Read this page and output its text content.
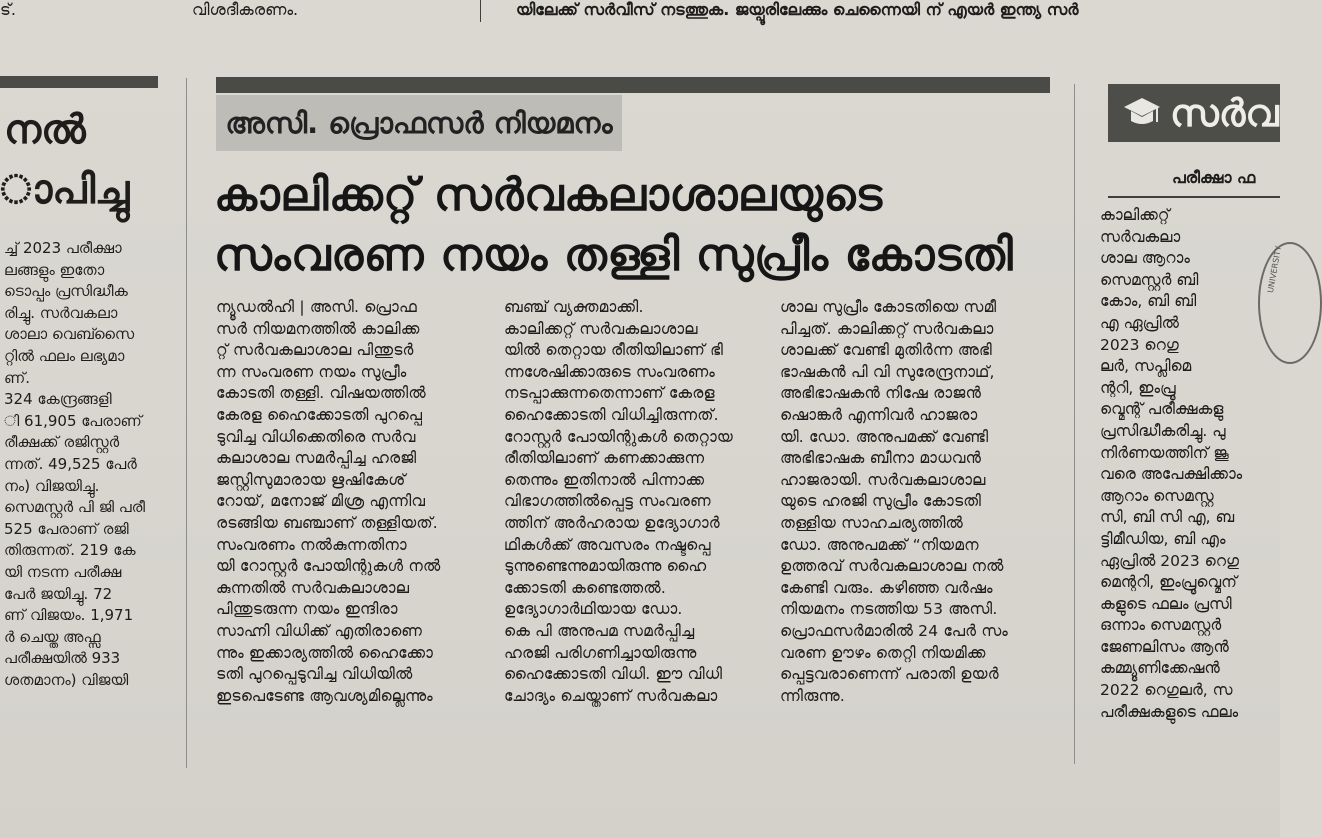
ട്.	വിശദീകരണം.	യിലേക്ക് സർവീസ് നടത്തുക. ജയ്പൂരിലേക്കും ചെന്നൈയി ന് എയർ ഇന്ത്യ സർ
നൽ
ാപിച്ചു
ച്ച് 2023 പരീക്ഷാ
ലങ്ങളും ഇതോ
ടൊപ്പം പ്രസിദ്ധീക
രിച്ചു. സർവകലാ
ശാലാ വെബ്സൈ
റ്റിൽ ഫലം ലഭ്യമാ
ണ്.
324 കേന്ദ്രങ്ങളി
ി 61,905 പേരാണ്
രീക്ഷക്ക് രജിസ്റ്റർ
ന്നത്. 49,525 പേർ
നം) വിജയിച്ചു.
സെമസ്റ്റർ പി ജി പരീ
525 പേരാണ് രജി
തിരുന്നത്. 219 കേ
യി നടന്ന പരീക്ഷ
പേർ ജയിച്ചു. 72
ണ് വിജയം. 1,971
ർ ചെയ്ത അഫ്സ
പരീക്ഷയിൽ 933
ശതമാനം) വിജയി
അസി. പ്രൊഫസർ നിയമനം
കാലിക്കറ്റ് സർവകലാശാലയുടെ
സംവരണ നയം തള്ളി സുപ്രീം കോടതി
ന്യൂഡൽഹി | അസി. പ്രൊഫ
സർ നിയമനത്തിൽ കാലിക്ക
റ്റ് സർവകലാശാല പിന്തുടർ
ന്ന സംവരണ നയം സുപ്രീം
കോടതി തള്ളി. വിഷയത്തിൽ
കേരള ഹൈക്കോടതി പുറപ്പെ
ടുവിച്ച വിധിക്കെതിരെ സർവ
കലാശാല സമർപ്പിച്ച ഹരജി
ജസ്റ്റിസുമാരായ ഋഷികേശ്
റോയ്, മനോജ് മിശ്ര എന്നിവ
രടങ്ങിയ ബഞ്ചാണ് തള്ളിയത്.
സംവരണം നൽകുന്നതിനാ
യി റോസ്റ്റർ പോയിന്റുകൾ നൽ
കുന്നതിൽ സർവകലാശാല
പിന്തുടരുന്ന നയം ഇന്ദിരാ
സാഹ്നി വിധിക്ക് എതിരാണെ
ന്നും ഇക്കാര്യത്തിൽ ഹൈക്കോ
ടതി പുറപ്പെടുവിച്ച വിധിയിൽ
ഇടപെടേണ്ട ആവശ്യമില്ലെന്നും
ബഞ്ച് വ്യക്തമാക്കി.
കാലിക്കറ്റ് സർവകലാശാല
യിൽ തെറ്റായ രീതിയിലാണ് ഭി
ന്നശേഷിക്കാരുടെ സംവരണം
നടപ്പാക്കുന്നതെന്നാണ് കേരള
ഹൈക്കോടതി വിധിച്ചിരുന്നത്.
റോസ്റ്റർ പോയിന്റുകൾ തെറ്റായ
രീതിയിലാണ് കണക്കാക്കുന്ന
തെന്നും ഇതിനാൽ പിന്നാക്ക
വിഭാഗത്തിൽപ്പെട്ട സംവരണ
ത്തിന് അർഹരായ ഉദ്യോഗാർ
ഥികൾക്ക് അവസരം നഷ്ടപ്പെ
ടുന്നുണ്ടെന്നുമായിരുന്നു ഹൈ
ക്കോടതി കണ്ടെത്തൽ.
ഉദ്യോഗാർഥിയായ ഡോ.
കെ പി അനുപമ സമർപ്പിച്ച
ഹരജി പരിഗണിച്ചായിരുന്നു
ഹൈക്കോടതി വിധി. ഈ വിധി
ചോദ്യം ചെയ്താണ് സർവകലാ
ശാല സുപ്രീം കോടതിയെ സമീ
പിച്ചത്. കാലിക്കറ്റ് സർവകലാ
ശാലക്ക് വേണ്ടി മുതിർന്ന അഭി
ഭാഷകൻ പി വി സുരേന്ദ്രനാഥ്,
അഭിഭാഷകൻ നിഷേ രാജൻ
ഷൊങ്കർ എന്നിവർ ഹാജരാ
യി. ഡോ. അനുപമക്ക് വേണ്ടി
അഭിഭാഷക ബീനാ മാധവൻ
ഹാജരായി. സർവകലാശാല
യുടെ ഹരജി സുപ്രീം കോടതി
തള്ളിയ സാഹചര്യത്തിൽ
ഡോ. അനുപമക്ക് “നിയമന
ഉത്തരവ് സർവകലാശാല നൽ
കേണ്ടി വരും. കഴിഞ്ഞ വർഷം
നിയമനം നടത്തിയ 53 അസി.
പ്രൊഫസർമാരിൽ 24 പേർ സം
വരണ ഊഴം തെറ്റി നിയമിക്ക
പ്പെട്ടവരാണെന്ന് പരാതി ഉയർ
ന്നിരുന്നു.
സർവ
പരീക്ഷാ ഫ
UNIVERSITY
കാലിക്കറ്റ്
സർവകലാ
ശാല ആറാം
സെമസ്റ്റർ ബി
കോം, ബി ബി
എ ഏപ്രിൽ
2023 റെഗു
ലർ, സപ്ലിമെ
ന്ററി, ഇംപ്രൂ
വ്മെന്റ് പരീക്ഷകളു
പ്രസിദ്ധീകരിച്ചു. പു
നിർണയത്തിന് ജൂ
വരെ അപേക്ഷിക്കാം
ആറാം സെമസ്റ്റ
സി, ബി സി എ, ബ
ട്ടിമീഡിയ, ബി എം
ഏപ്രിൽ 2023 റെഗു
മെന്ററി, ഇംപ്രൂവ്മെന്
കളുടെ ഫലം പ്രസി
ഒന്നാം സെമസ്റ്റർ
ജേണലിസം ആൻ
കമ്മ്യൂണിക്കേഷൻ
2022 റെഗുലർ, സ
പരീക്ഷകളുടെ ഫലം
